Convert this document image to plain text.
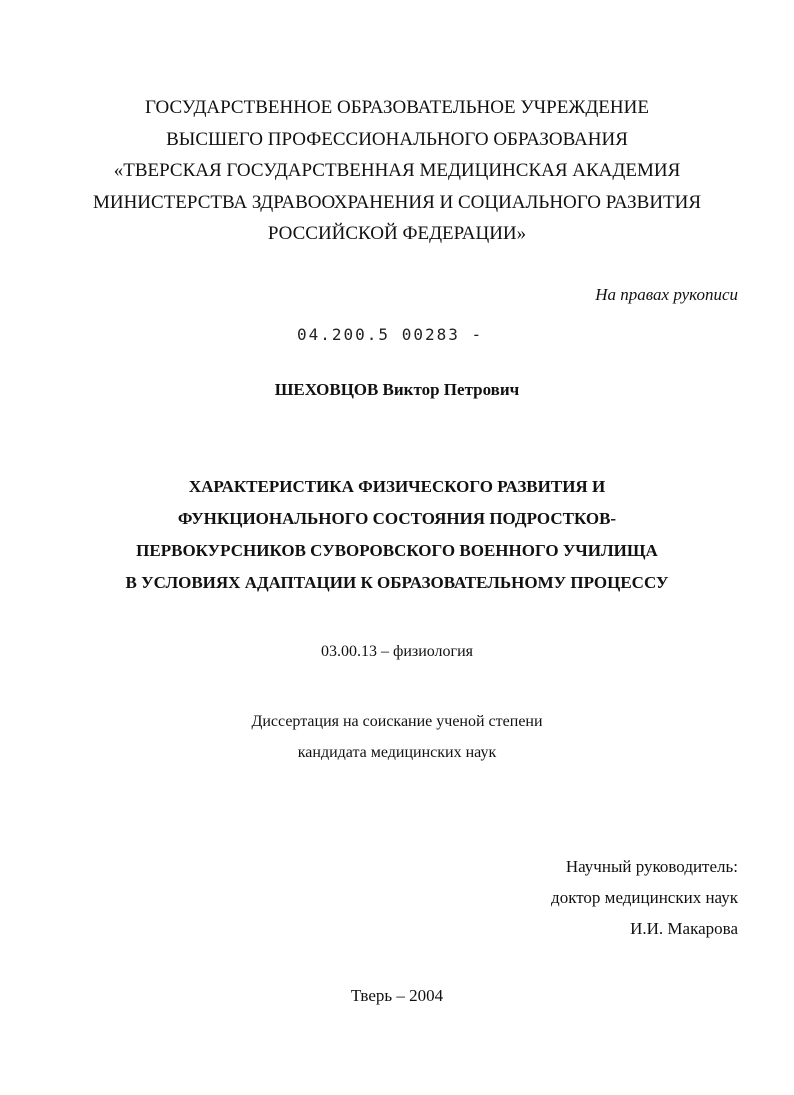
ГОСУДАРСТВЕННОЕ ОБРАЗОВАТЕЛЬНОЕ УЧРЕЖДЕНИЕ
ВЫСШЕГО ПРОФЕССИОНАЛЬНОГО ОБРАЗОВАНИЯ
«ТВЕРСКАЯ ГОСУДАРСТВЕННАЯ МЕДИЦИНСКАЯ АКАДЕМИЯ
МИНИСТЕРСТВА ЗДРАВООХРАНЕНИЯ И СОЦИАЛЬНОГО РАЗВИТИЯ
РОССИЙСКОЙ ФЕДЕРАЦИИ»
На правах рукописи
04.200.5 00283 -
ШЕХОВЦОВ Виктор Петрович
ХАРАКТЕРИСТИКА ФИЗИЧЕСКОГО РАЗВИТИЯ И
ФУНКЦИОНАЛЬНОГО СОСТОЯНИЯ ПОДРОСТКОВ-
ПЕРВОКУРСНИКОВ СУВОРОВСКОГО ВОЕННОГО УЧИЛИЩА
В УСЛОВИЯХ АДАПТАЦИИ К ОБРАЗОВАТЕЛЬНОМУ ПРОЦЕССУ
03.00.13 – физиология
Диссертация на соискание ученой степени
кандидата медицинских наук
Научный руководитель:
доктор медицинских наук
И.И. Макарова
Тверь – 2004
